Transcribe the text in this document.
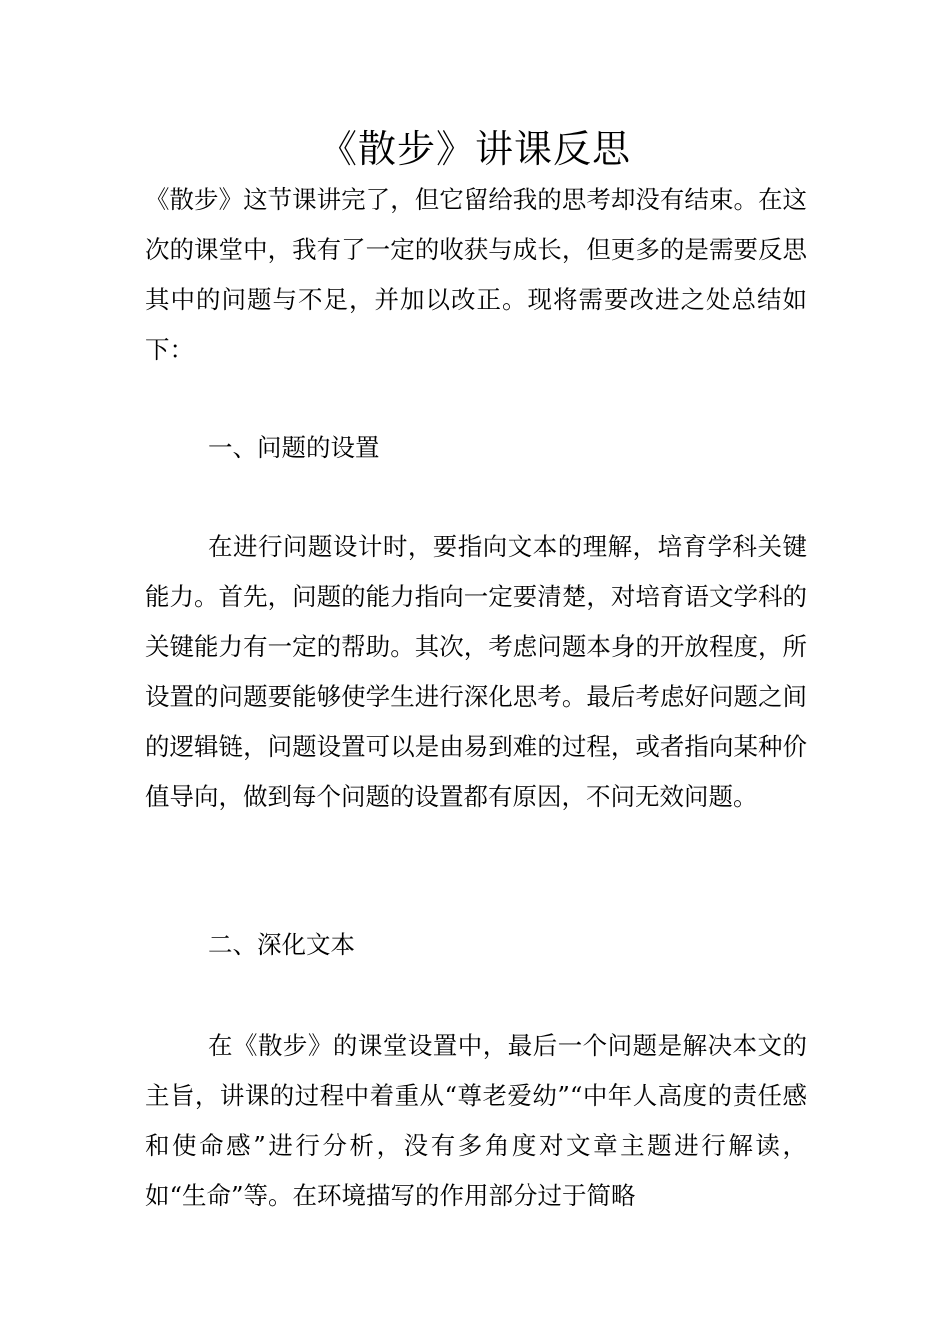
《散步》讲课反思

《散步》这节课讲完了，但它留给我的思考却没有结束。在这次的课堂中，我有了一定的收获与成长，但更多的是需要反思其中的问题与不足，并加以改正。现将需要改进之处总结如下：

一、问题的设置

在进行问题设计时，要指向文本的理解，培育学科关键能力。首先，问题的能力指向一定要清楚，对培育语文学科的关键能力有一定的帮助。其次，考虑问题本身的开放程度，所设置的问题要能够使学生进行深化思考。最后考虑好问题之间的逻辑链，问题设置可以是由易到难的过程，或者指向某种价值导向，做到每个问题的设置都有原因，不问无效问题。

二、深化文本

在《散步》的课堂设置中，最后一个问题是解决本文的主旨，讲课的过程中着重从“尊老爱幼”“中年人高度的责任感和使命感”进行分析，没有多角度对文章主题进行解读，如“生命”等。在环境描写的作用部分过于简略
